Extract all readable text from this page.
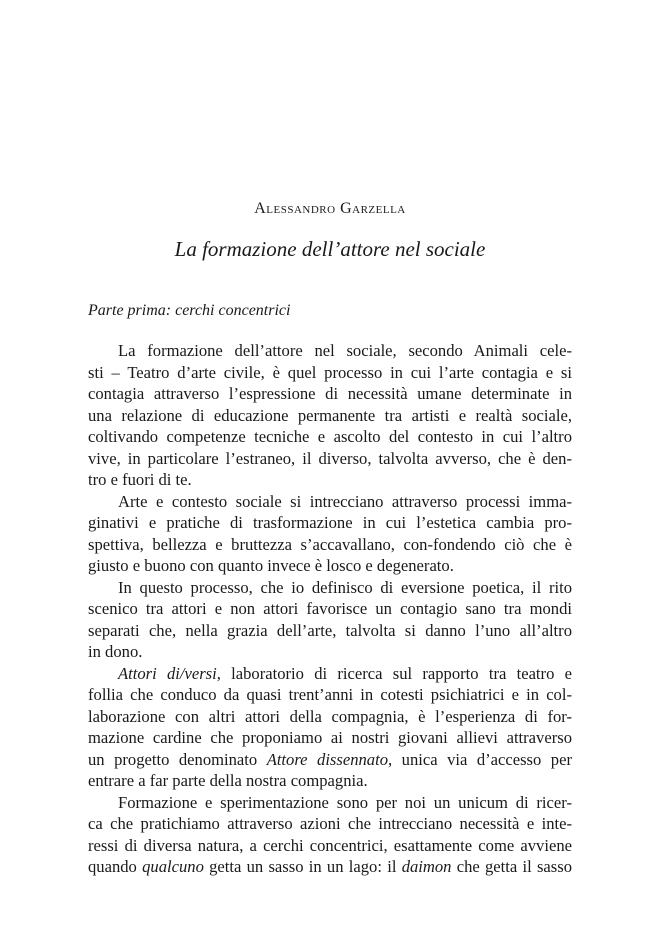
Alessandro Garzella
La formazione dell’attore nel sociale
Parte prima: cerchi concentrici

La formazione dell’attore nel sociale, secondo Animali cele-
sti – Teatro d’arte civile, è quel processo in cui l’arte contagia e si
contagia attraverso l’espressione di necessità umane determinate in
una relazione di educazione permanente tra artisti e realtà sociale,
coltivando competenze tecniche e ascolto del contesto in cui l’altro
vive, in particolare l’estraneo, il diverso, talvolta avverso, che è den-
tro e fuori di te.

Arte e contesto sociale si intrecciano attraverso processi imma-
ginativi e pratiche di trasformazione in cui l’estetica cambia pro-
spettiva, bellezza e bruttezza s’accavallano, con-fondendo ciò che è
giusto e buono con quanto invece è losco e degenerato.

In questo processo, che io definisco di eversione poetica, il rito
scenico tra attori e non attori favorisce un contagio sano tra mondi
separati che, nella grazia dell’arte, talvolta si danno l’uno all’altro
in dono.

Attori di/versi, laboratorio di ricerca sul rapporto tra teatro e
follia che conduco da quasi trent’anni in cotesti psichiatrici e in col-
laborazione con altri attori della compagnia, è l’esperienza di for-
mazione cardine che proponiamo ai nostri giovani allievi attraverso
un progetto denominato Attore dissennato, unica via d’accesso per
entrare a far parte della nostra compagnia.

Formazione e sperimentazione sono per noi un unicum di ricer-
ca che pratichiamo attraverso azioni che intrecciano necessità e inte-
ressi di diversa natura, a cerchi concentrici, esattamente come avviene
quando qualcuno getta un sasso in un lago: il daimon che getta il sasso
